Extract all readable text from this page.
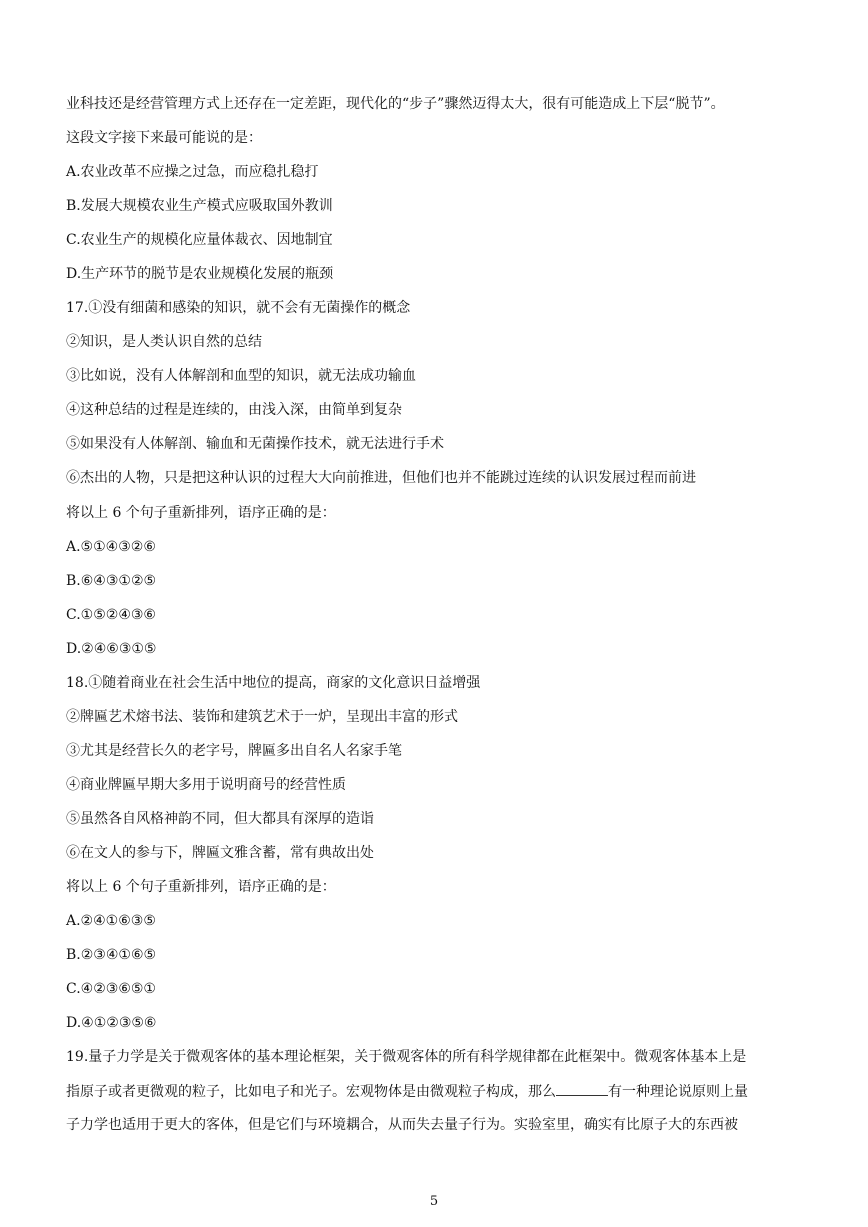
业科技还是经营管理方式上还存在一定差距，现代化的“步子”骤然迈得太大，很有可能造成上下层“脱节”。
这段文字接下来最可能说的是：
A.农业改革不应操之过急，而应稳扎稳打
B.发展大规模农业生产模式应吸取国外教训
C.农业生产的规模化应量体裁衣、因地制宜
D.生产环节的脱节是农业规模化发展的瓶颈
17.①没有细菌和感染的知识，就不会有无菌操作的概念
②知识，是人类认识自然的总结
③比如说，没有人体解剖和血型的知识，就无法成功输血
④这种总结的过程是连续的，由浅入深，由简单到复杂
⑤如果没有人体解剖、输血和无菌操作技术，就无法进行手术
⑥杰出的人物，只是把这种认识的过程大大向前推进，但他们也并不能跳过连续的认识发展过程而前进
将以上 6 个句子重新排列，语序正确的是：
A.⑤①④③②⑥
B.⑥④③①②⑤
C.①⑤②④③⑥
D.②④⑥③①⑤
18.①随着商业在社会生活中地位的提高，商家的文化意识日益增强
②牌匾艺术熔书法、装饰和建筑艺术于一炉，呈现出丰富的形式
③尤其是经营长久的老字号，牌匾多出自名人名家手笔
④商业牌匾早期大多用于说明商号的经营性质
⑤虽然各自风格神韵不同，但大都具有深厚的造诣
⑥在文人的参与下，牌匾文雅含蓄，常有典故出处
将以上 6 个句子重新排列，语序正确的是：
A.②④①⑥③⑤
B.②③④①⑥⑤
C.④②③⑥⑤①
D.④①②③⑤⑥
19.量子力学是关于微观客体的基本理论框架，关于微观客体的所有科学规律都在此框架中。微观客体基本上是
指原子或者更微观的粒子，比如电子和光子。宏观物体是由微观粒子构成，那么	有一种理论说原则上量
子力学也适用于更大的客体，但是它们与环境耦合，从而失去量子行为。实验室里，确实有比原子大的东西被
5
